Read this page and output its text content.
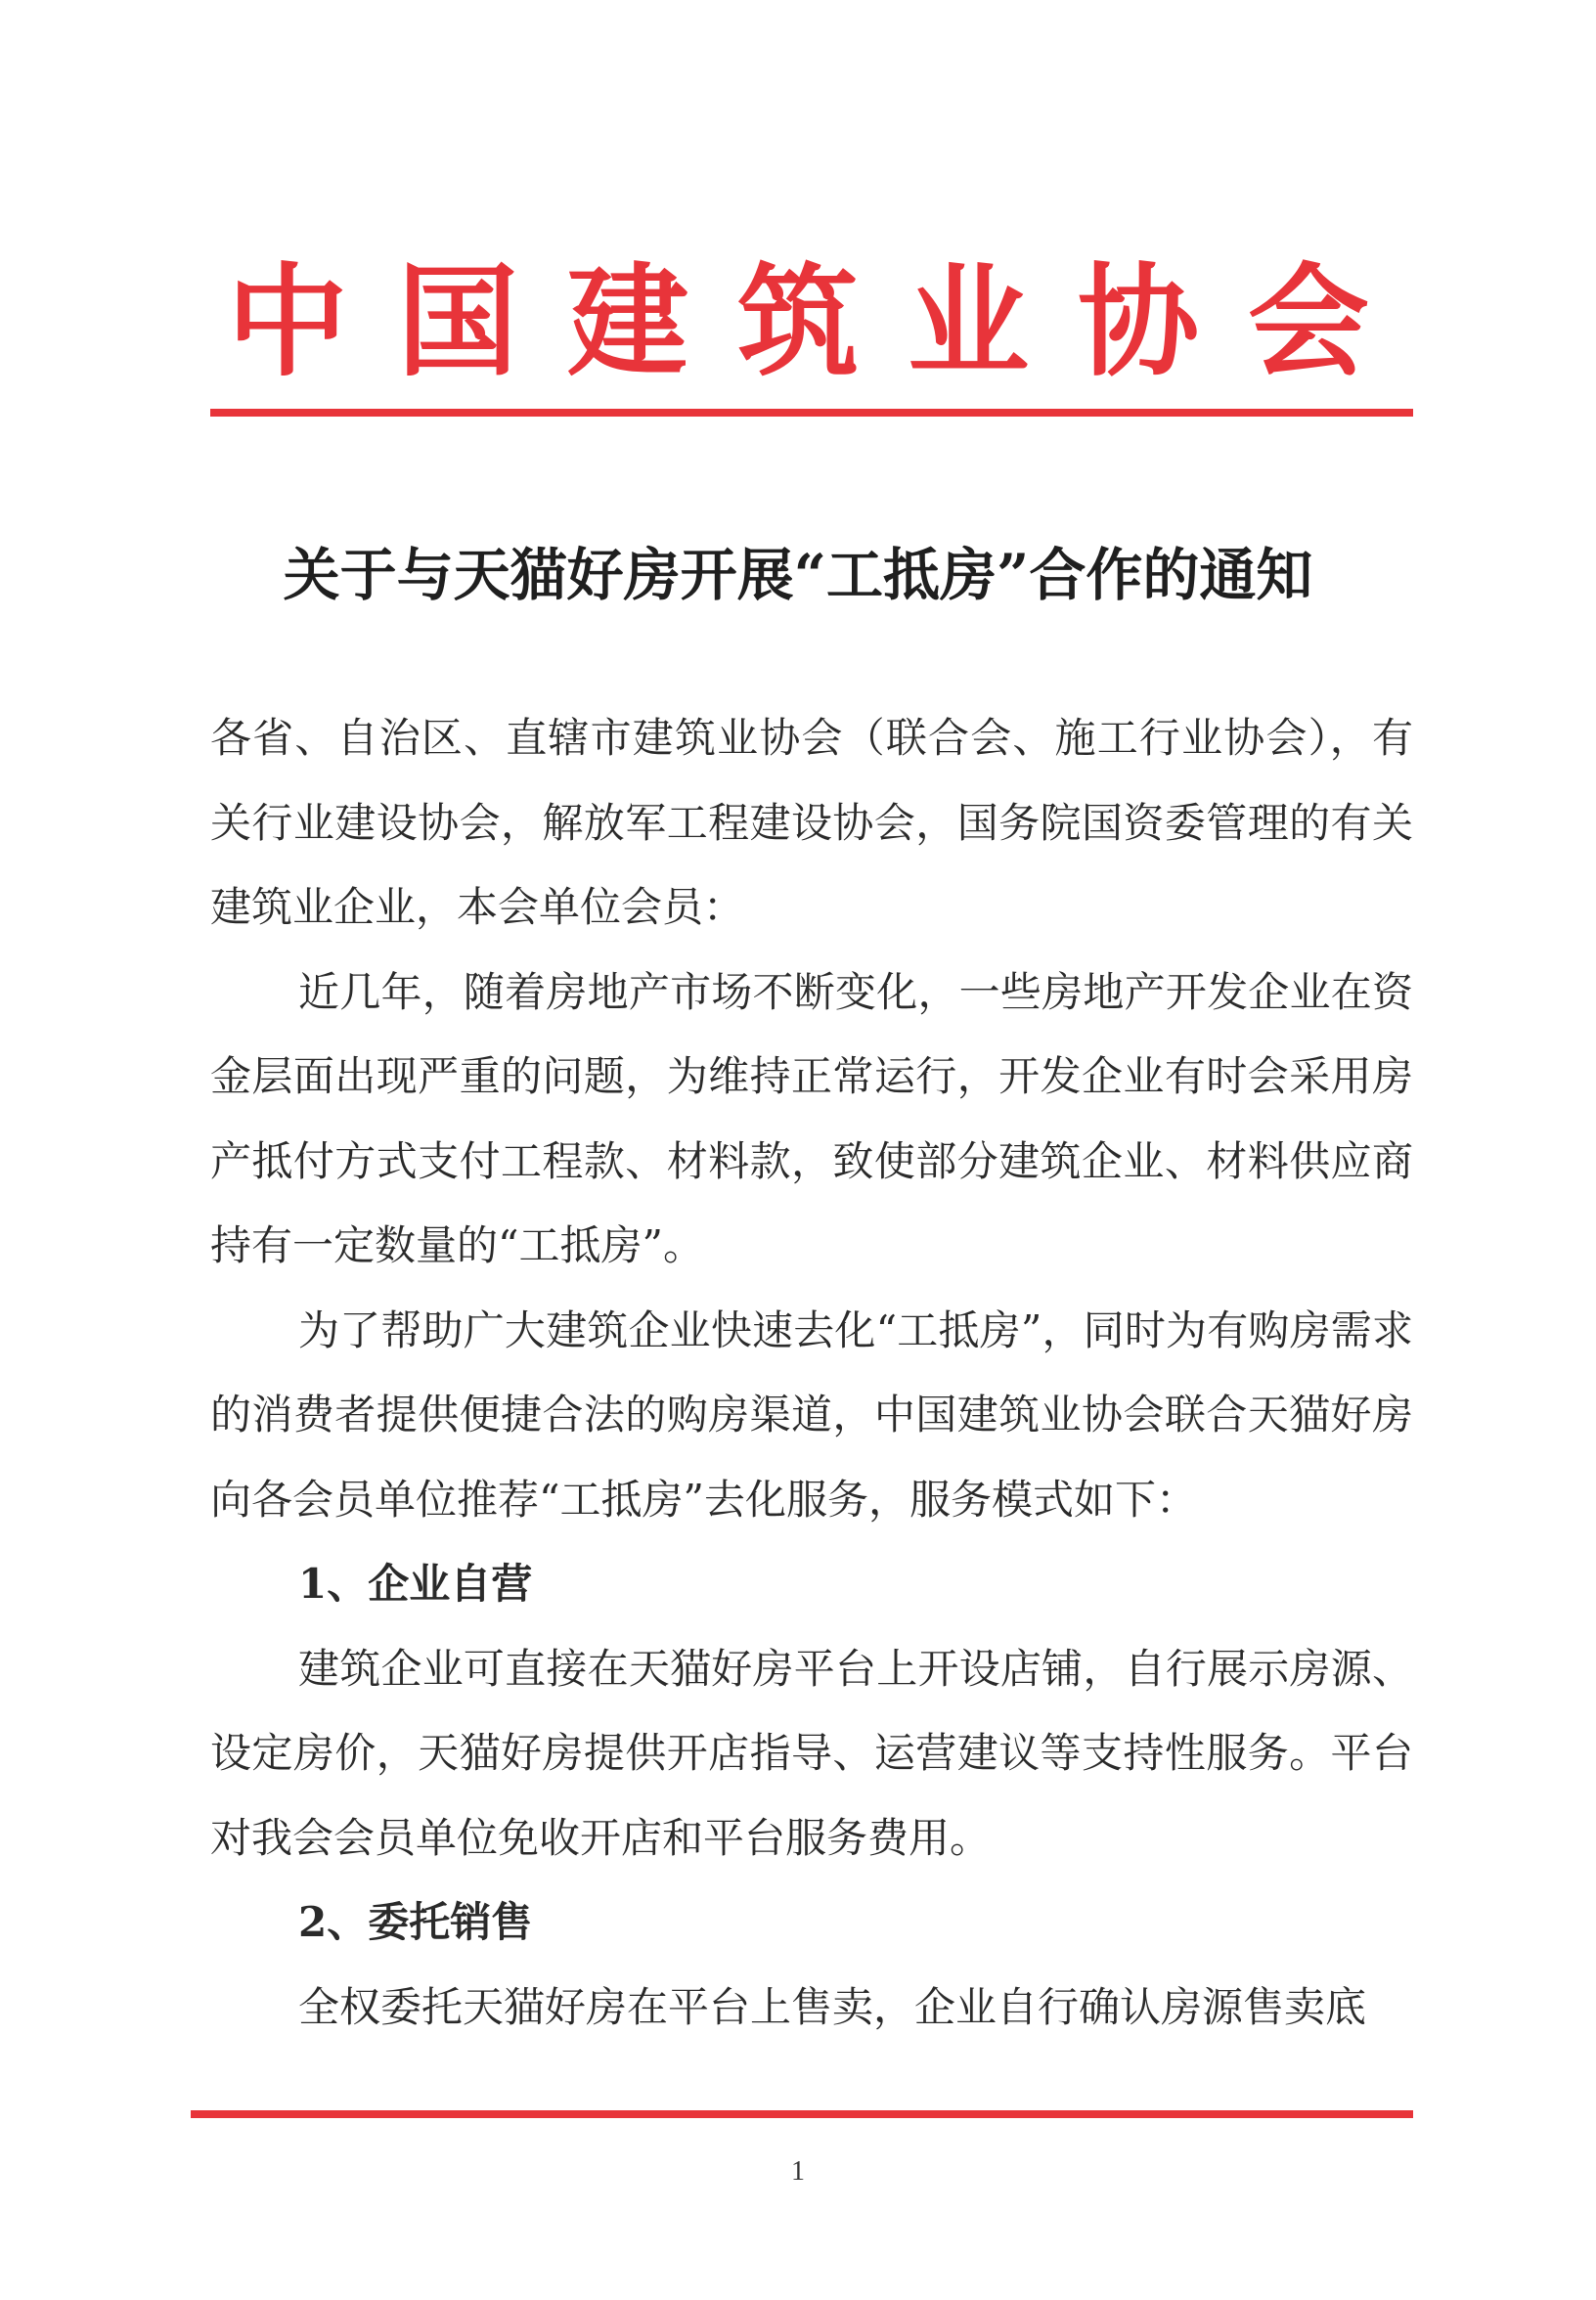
中国建筑业协会
关于与天猫好房开展“工抵房”合作的通知

各省、自治区、直辖市建筑业协会（联合会、施工行业协会），有关行业建设协会，解放军工程建设协会，国务院国资委管理的有关建筑业企业，本会单位会员：

近几年，随着房地产市场不断变化，一些房地产开发企业在资金层面出现严重的问题，为维持正常运行，开发企业有时会采用房产抵付方式支付工程款、材料款，致使部分建筑企业、材料供应商持有一定数量的“工抵房”。

为了帮助广大建筑企业快速去化“工抵房”，同时为有购房需求的消费者提供便捷合法的购房渠道，中国建筑业协会联合天猫好房向各会员单位推荐“工抵房”去化服务，服务模式如下：

1、企业自营

建筑企业可直接在天猫好房平台上开设店铺，自行展示房源、设定房价，天猫好房提供开店指导、运营建议等支持性服务。平台对我会会员单位免收开店和平台服务费用。

2、委托销售

全权委托天猫好房在平台上售卖，企业自行确认房源售卖底

1
